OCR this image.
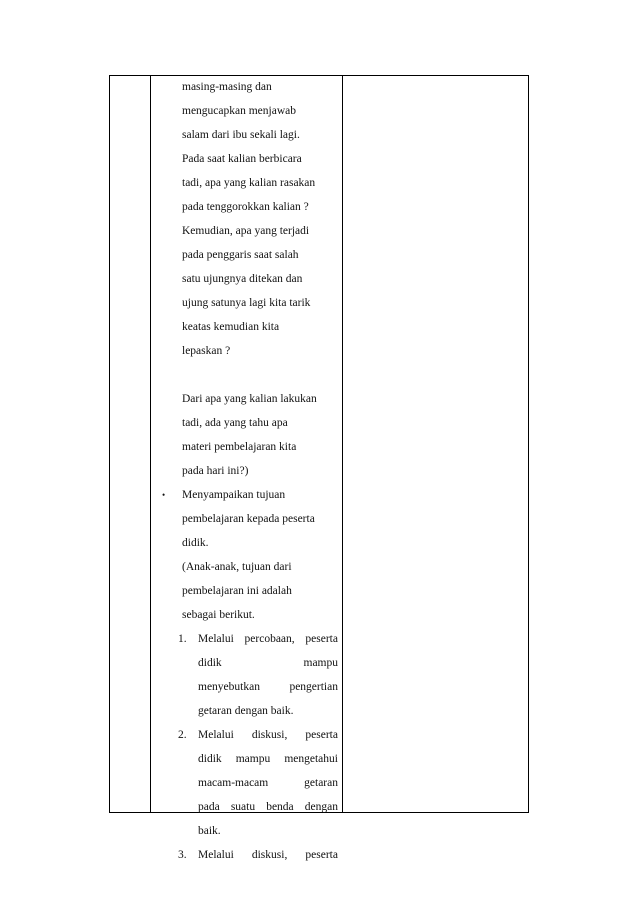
masing-masing dan
mengucapkan menjawab
salam dari ibu sekali lagi.
Pada saat kalian berbicara
tadi, apa yang kalian rasakan
pada tenggorokkan kalian ?
Kemudian, apa yang terjadi
pada penggaris saat salah
satu ujungnya ditekan dan
ujung satunya lagi kita tarik
keatas kemudian kita
lepaskan ?
Dari apa yang kalian lakukan
tadi, ada yang tahu apa
materi pembelajaran kita
pada hari ini?)
• Menyampaikan tujuan
pembelajaran kepada peserta
didik.
(Anak-anak, tujuan dari
pembelajaran ini adalah
sebagai berikut.
1. Melalui percobaan, peserta
didik	mampu
menyebutkan	pengertian
getaran dengan baik.
2. Melalui diskusi, peserta
didik mampu mengetahui
macam-macam	getaran
pada suatu benda dengan
baik.
3. Melalui diskusi, peserta
